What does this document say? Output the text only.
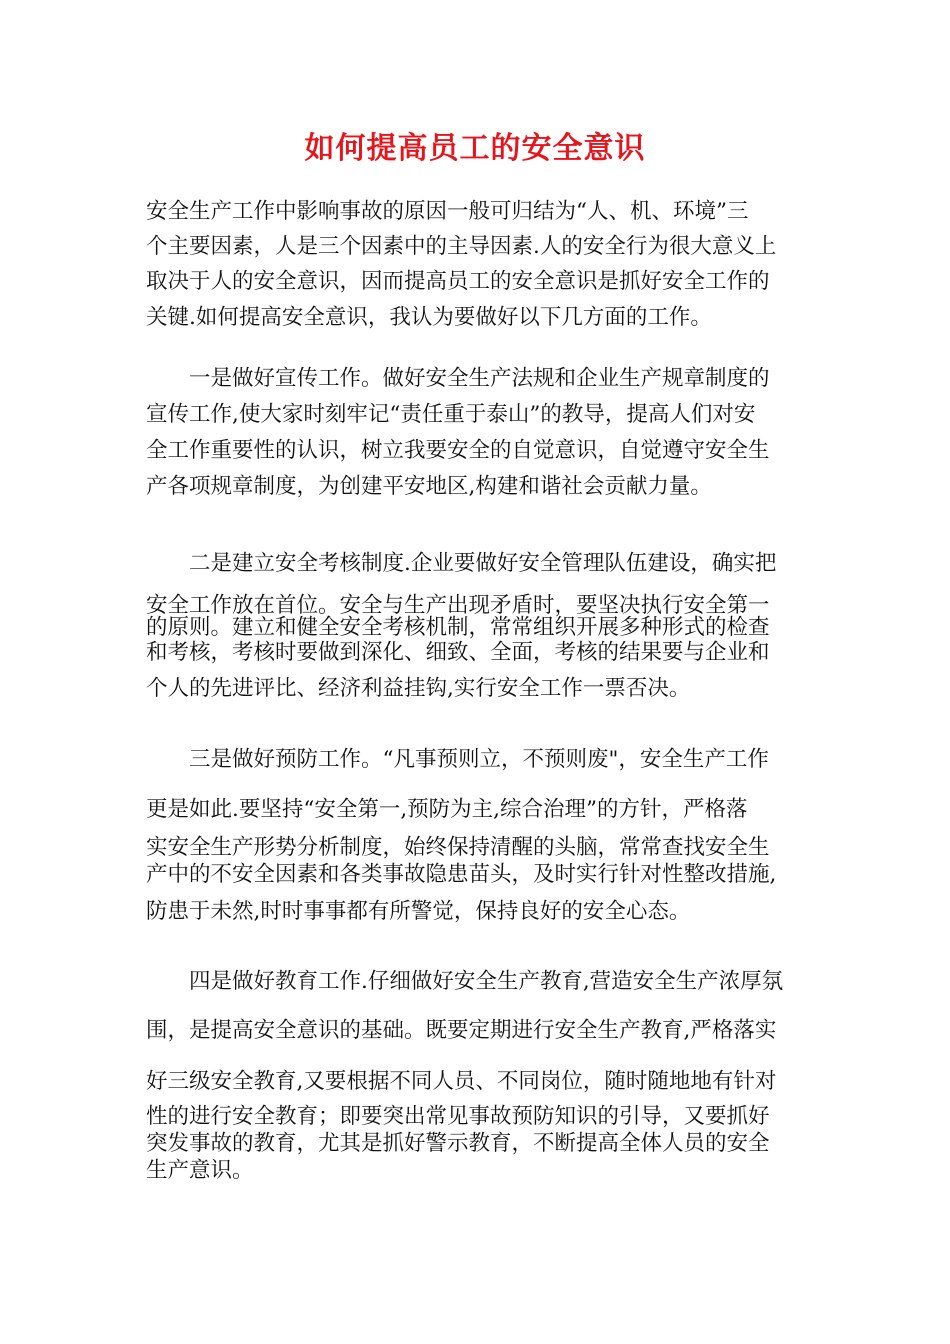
如何提高员工的安全意识

安全生产工作中影响事故的原因一般可归结为“人、机、环境”三

个主要因素，人是三个因素中的主导因素.人的安全行为很大意义上

取决于人的安全意识，因而提高员工的安全意识是抓好安全工作的

关键.如何提高安全意识，我认为要做好以下几方面的工作。

　　一是做好宣传工作。做好安全生产法规和企业生产规章制度的

宣传工作,使大家时刻牢记“责任重于泰山”的教导，提高人们对安

全工作重要性的认识，树立我要安全的自觉意识，自觉遵守安全生

产各项规章制度，为创建平安地区,构建和谐社会贡献力量。

　　二是建立安全考核制度.企业要做好安全管理队伍建设，确实把

安全工作放在首位。安全与生产出现矛盾时，要坚决执行安全第一

的原则。建立和健全安全考核机制，常常组织开展多种形式的检查

和考核，考核时要做到深化、细致、全面，考核的结果要与企业和

个人的先进评比、经济利益挂钩,实行安全工作一票否决。

　　三是做好预防工作。“凡事预则立，不预则废"，安全生产工作

更是如此.要坚持“安全第一,预防为主,综合治理”的方针，严格落

实安全生产形势分析制度，始终保持清醒的头脑，常常查找安全生

产中的不安全因素和各类事故隐患苗头，及时实行针对性整改措施,

防患于未然,时时事事都有所警觉，保持良好的安全心态。

　　四是做好教育工作.仔细做好安全生产教育,营造安全生产浓厚氛

围，是提高安全意识的基础。既要定期进行安全生产教育,严格落实

好三级安全教育,又要根据不同人员、不同岗位，随时随地地有针对

性的进行安全教育；即要突出常见事故预防知识的引导，又要抓好

突发事故的教育，尤其是抓好警示教育，不断提高全体人员的安全

生产意识。
